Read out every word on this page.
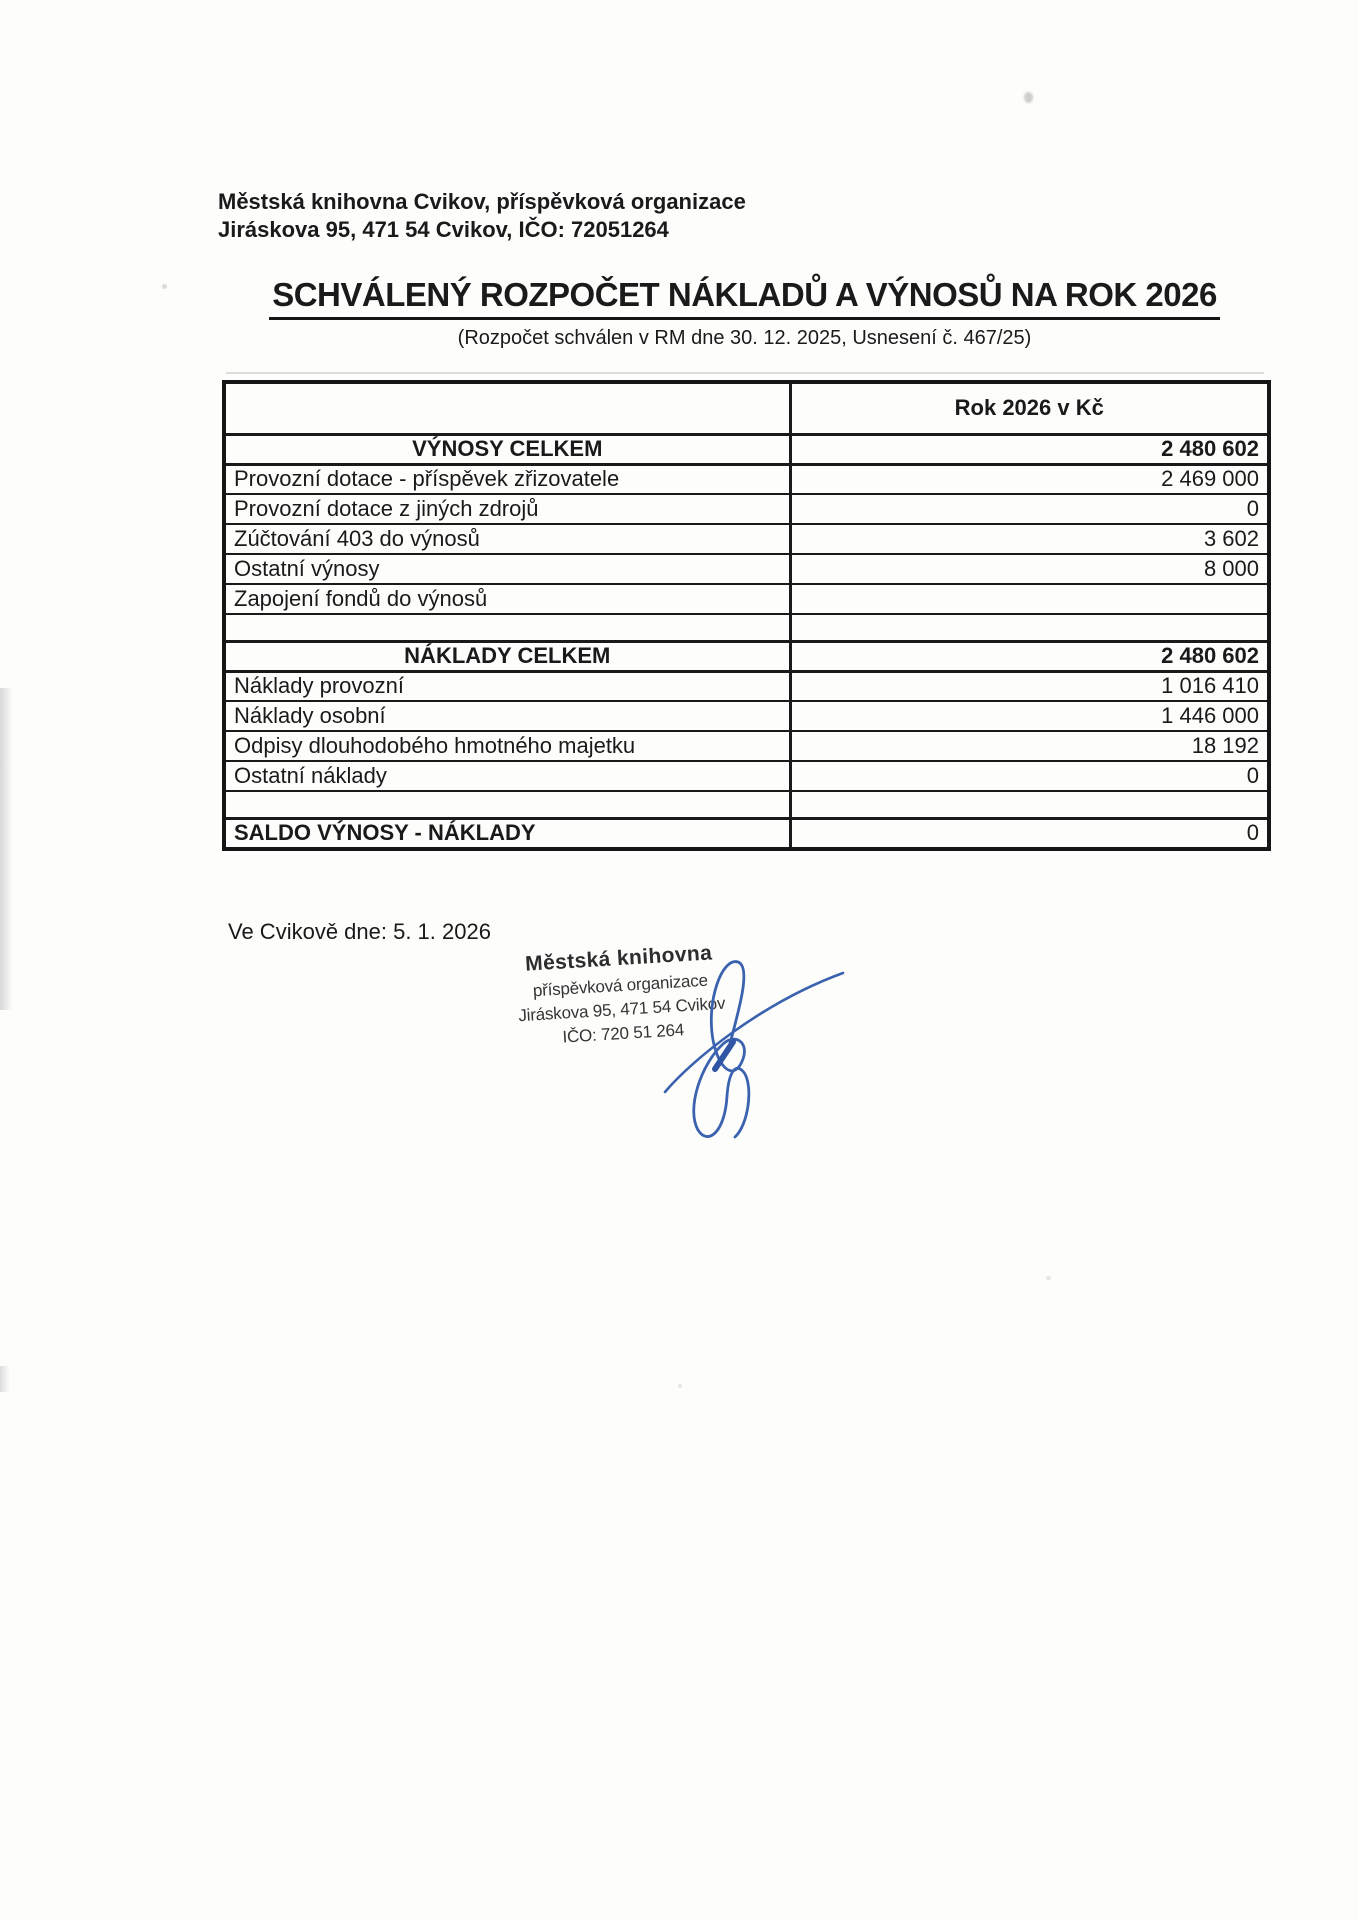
Městská knihovna Cvikov, příspěvková organizace
Jiráskova 95, 471 54 Cvikov, IČO: 72051264
SCHVÁLENÝ ROZPOČET NÁKLADŮ A VÝNOSŮ NA ROK 2026
(Rozpočet schválen v RM dne 30. 12. 2025, Usnesení č. 467/25)
	Rok 2026 v Kč
VÝNOSY CELKEM	2 480 602
Provozní dotace - příspěvek zřizovatele	2 469 000
Provozní dotace z jiných zdrojů	0
Zúčtování 403 do výnosů	3 602
Ostatní výnosy	8 000
Zapojení fondů do výnosů	

NÁKLADY CELKEM	2 480 602
Náklady provozní	1 016 410
Náklady osobní	1 446 000
Odpisy dlouhodobého hmotného majetku	18 192
Ostatní náklady	0

SALDO VÝNOSY - NÁKLADY	0
Ve Cvikově dne: 5. 1. 2026
Městská knihovna
příspěvková organizace
Jiráskova 95, 471 54 Cvikov
IČO: 720 51 264
